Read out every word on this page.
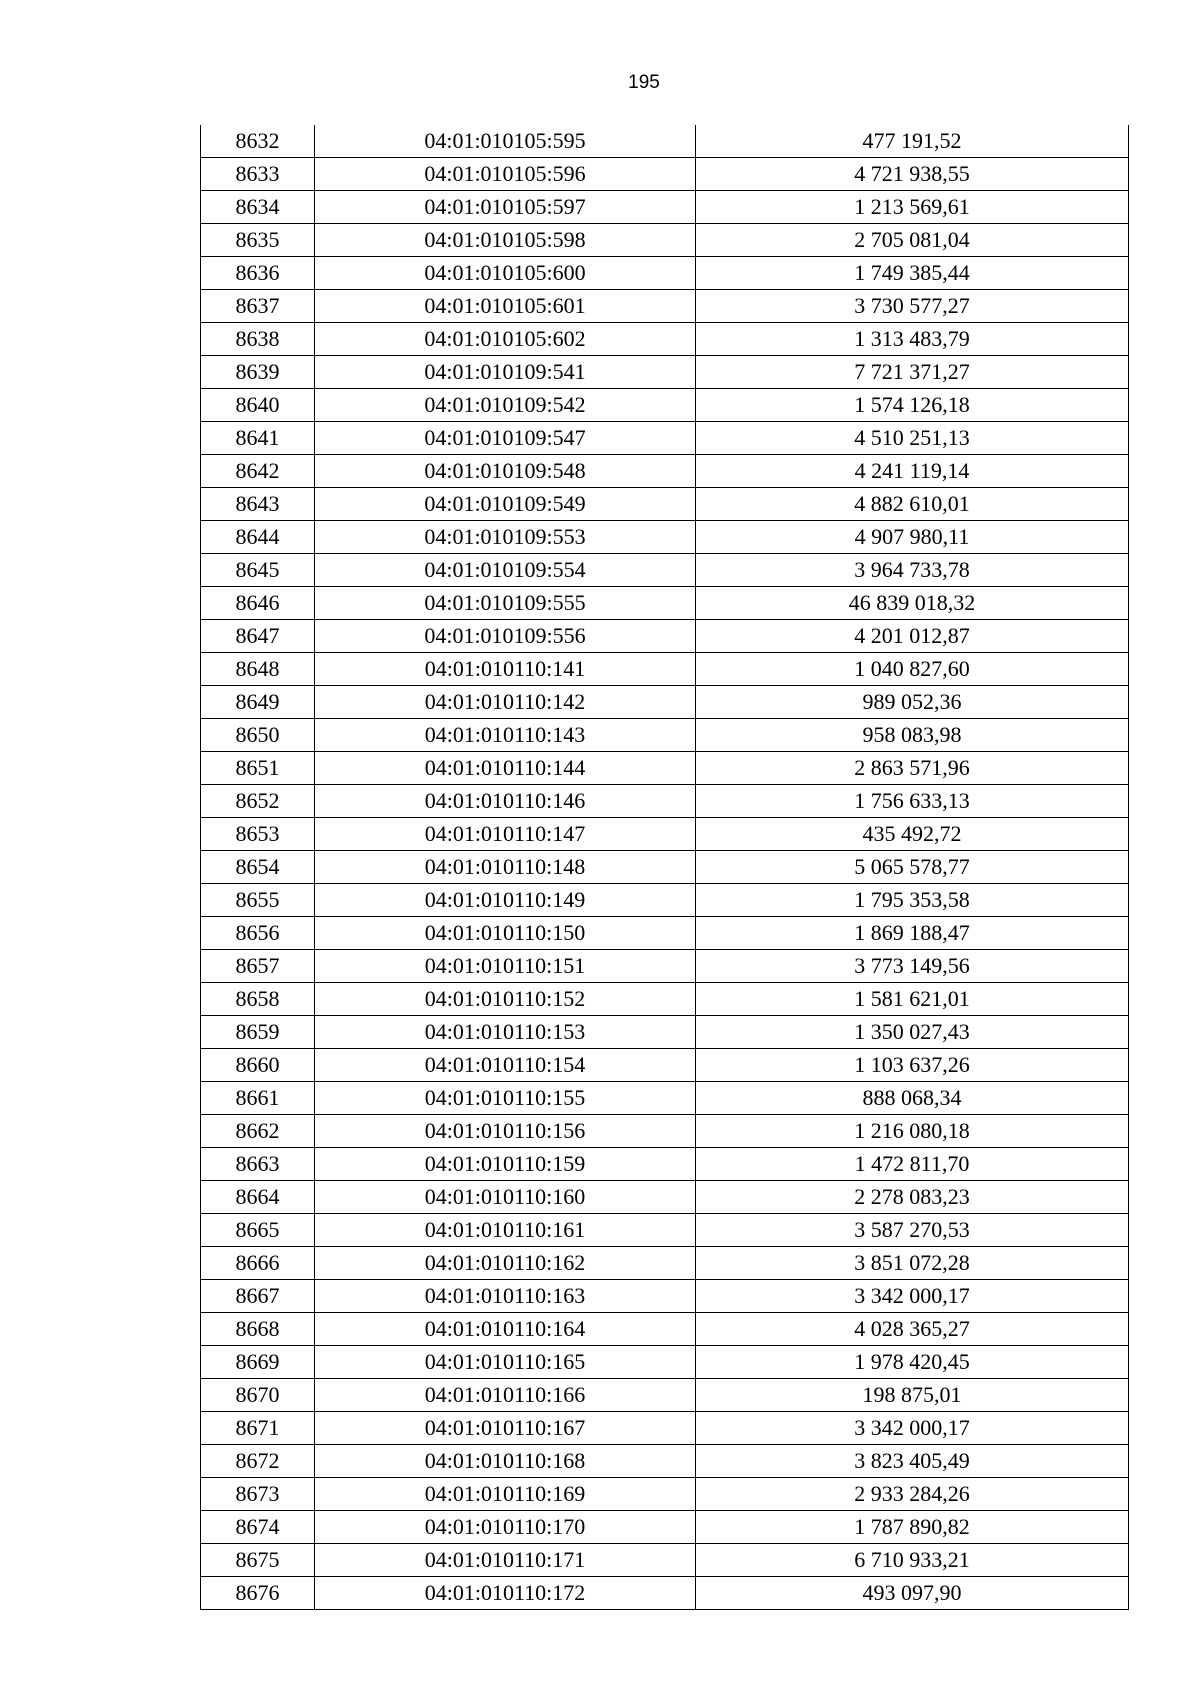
195
8632	04:01:010105:595	477 191,52
8633	04:01:010105:596	4 721 938,55
8634	04:01:010105:597	1 213 569,61
8635	04:01:010105:598	2 705 081,04
8636	04:01:010105:600	1 749 385,44
8637	04:01:010105:601	3 730 577,27
8638	04:01:010105:602	1 313 483,79
8639	04:01:010109:541	7 721 371,27
8640	04:01:010109:542	1 574 126,18
8641	04:01:010109:547	4 510 251,13
8642	04:01:010109:548	4 241 119,14
8643	04:01:010109:549	4 882 610,01
8644	04:01:010109:553	4 907 980,11
8645	04:01:010109:554	3 964 733,78
8646	04:01:010109:555	46 839 018,32
8647	04:01:010109:556	4 201 012,87
8648	04:01:010110:141	1 040 827,60
8649	04:01:010110:142	989 052,36
8650	04:01:010110:143	958 083,98
8651	04:01:010110:144	2 863 571,96
8652	04:01:010110:146	1 756 633,13
8653	04:01:010110:147	435 492,72
8654	04:01:010110:148	5 065 578,77
8655	04:01:010110:149	1 795 353,58
8656	04:01:010110:150	1 869 188,47
8657	04:01:010110:151	3 773 149,56
8658	04:01:010110:152	1 581 621,01
8659	04:01:010110:153	1 350 027,43
8660	04:01:010110:154	1 103 637,26
8661	04:01:010110:155	888 068,34
8662	04:01:010110:156	1 216 080,18
8663	04:01:010110:159	1 472 811,70
8664	04:01:010110:160	2 278 083,23
8665	04:01:010110:161	3 587 270,53
8666	04:01:010110:162	3 851 072,28
8667	04:01:010110:163	3 342 000,17
8668	04:01:010110:164	4 028 365,27
8669	04:01:010110:165	1 978 420,45
8670	04:01:010110:166	198 875,01
8671	04:01:010110:167	3 342 000,17
8672	04:01:010110:168	3 823 405,49
8673	04:01:010110:169	2 933 284,26
8674	04:01:010110:170	1 787 890,82
8675	04:01:010110:171	6 710 933,21
8676	04:01:010110:172	493 097,90
